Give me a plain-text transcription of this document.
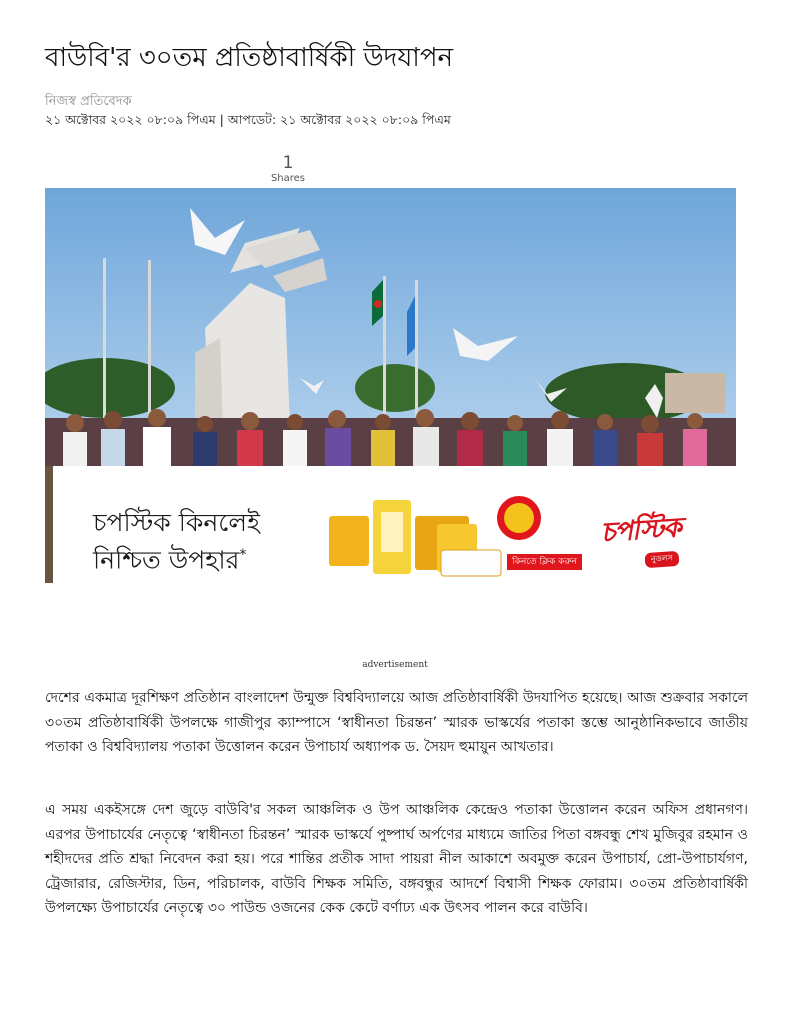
বাউবি'র ৩০তম প্রতিষ্ঠাবার্ষিকী উদযাপন
নিজস্ব প্রতিবেদক
২১ অক্টোবর ২০২২ ০৮:০৯ পিএম | আপডেট: ২১ অক্টোবর ২০২২ ০৮:০৯ পিএম
1
Shares
চপস্টিক কিনলেই
নিশ্চিত উপহার*	কিনতে ক্লিক করুন
চপস্টিক
নুডলস
advertisement

দেশের একমাত্র দূরশিক্ষণ প্রতিষ্ঠান বাংলাদেশ উন্মুক্ত বিশ্ববিদ্যালয়ে আজ প্রতিষ্ঠাবার্ষিকী উদযাপিত হয়েছে। আজ শুক্রবার সকালে ৩০তম প্রতিষ্ঠাবার্ষিকী উপলক্ষে গাজীপুর ক্যাম্পাসে ‘স্বাধীনতা চিরন্তন’ স্মারক ভাস্কর্যের পতাকা স্তম্ভে আনুষ্ঠানিকভাবে জাতীয় পতাকা ও বিশ্ববিদ্যালয় পতাকা উত্তোলন করেন উপাচার্য অধ্যাপক ড. সৈয়দ হুমায়ুন আখতার।

এ সময় একইসঙ্গে দেশ জুড়ে বাউবি'র সকল আঞ্চলিক ও উপ আঞ্চলিক কেন্দ্রেও পতাকা উত্তোলন করেন অফিস প্রধানগণ। এরপর উপাচার্যের নেতৃত্বে ‘স্বাধীনতা চিরন্তন’ স্মারক ভাস্কর্যে পুষ্পার্ঘ অর্পণের মাধ্যমে জাতির পিতা বঙ্গবন্ধু শেখ মুজিবুর রহমান ও শহীদদের প্রতি শ্রদ্ধা নিবেদন করা হয়। পরে শান্তির প্রতীক সাদা পায়রা নীল আকাশে অবমুক্ত করেন উপাচার্য, প্রো-উপাচার্যগণ, ট্রেজারার, রেজিস্টার, ডিন, পরিচালক, বাউবি শিক্ষক সমিতি, বঙ্গবন্ধুর আদর্শে বিশ্বাসী শিক্ষক ফোরাম। ৩০তম প্রতিষ্ঠাবার্ষিকী উপলক্ষ্যে উপাচার্যের নেতৃত্বে ৩০ পাউন্ড ওজনের কেক কেটে বর্ণাঢ্য এক উৎসব পালন করে বাউবি।
